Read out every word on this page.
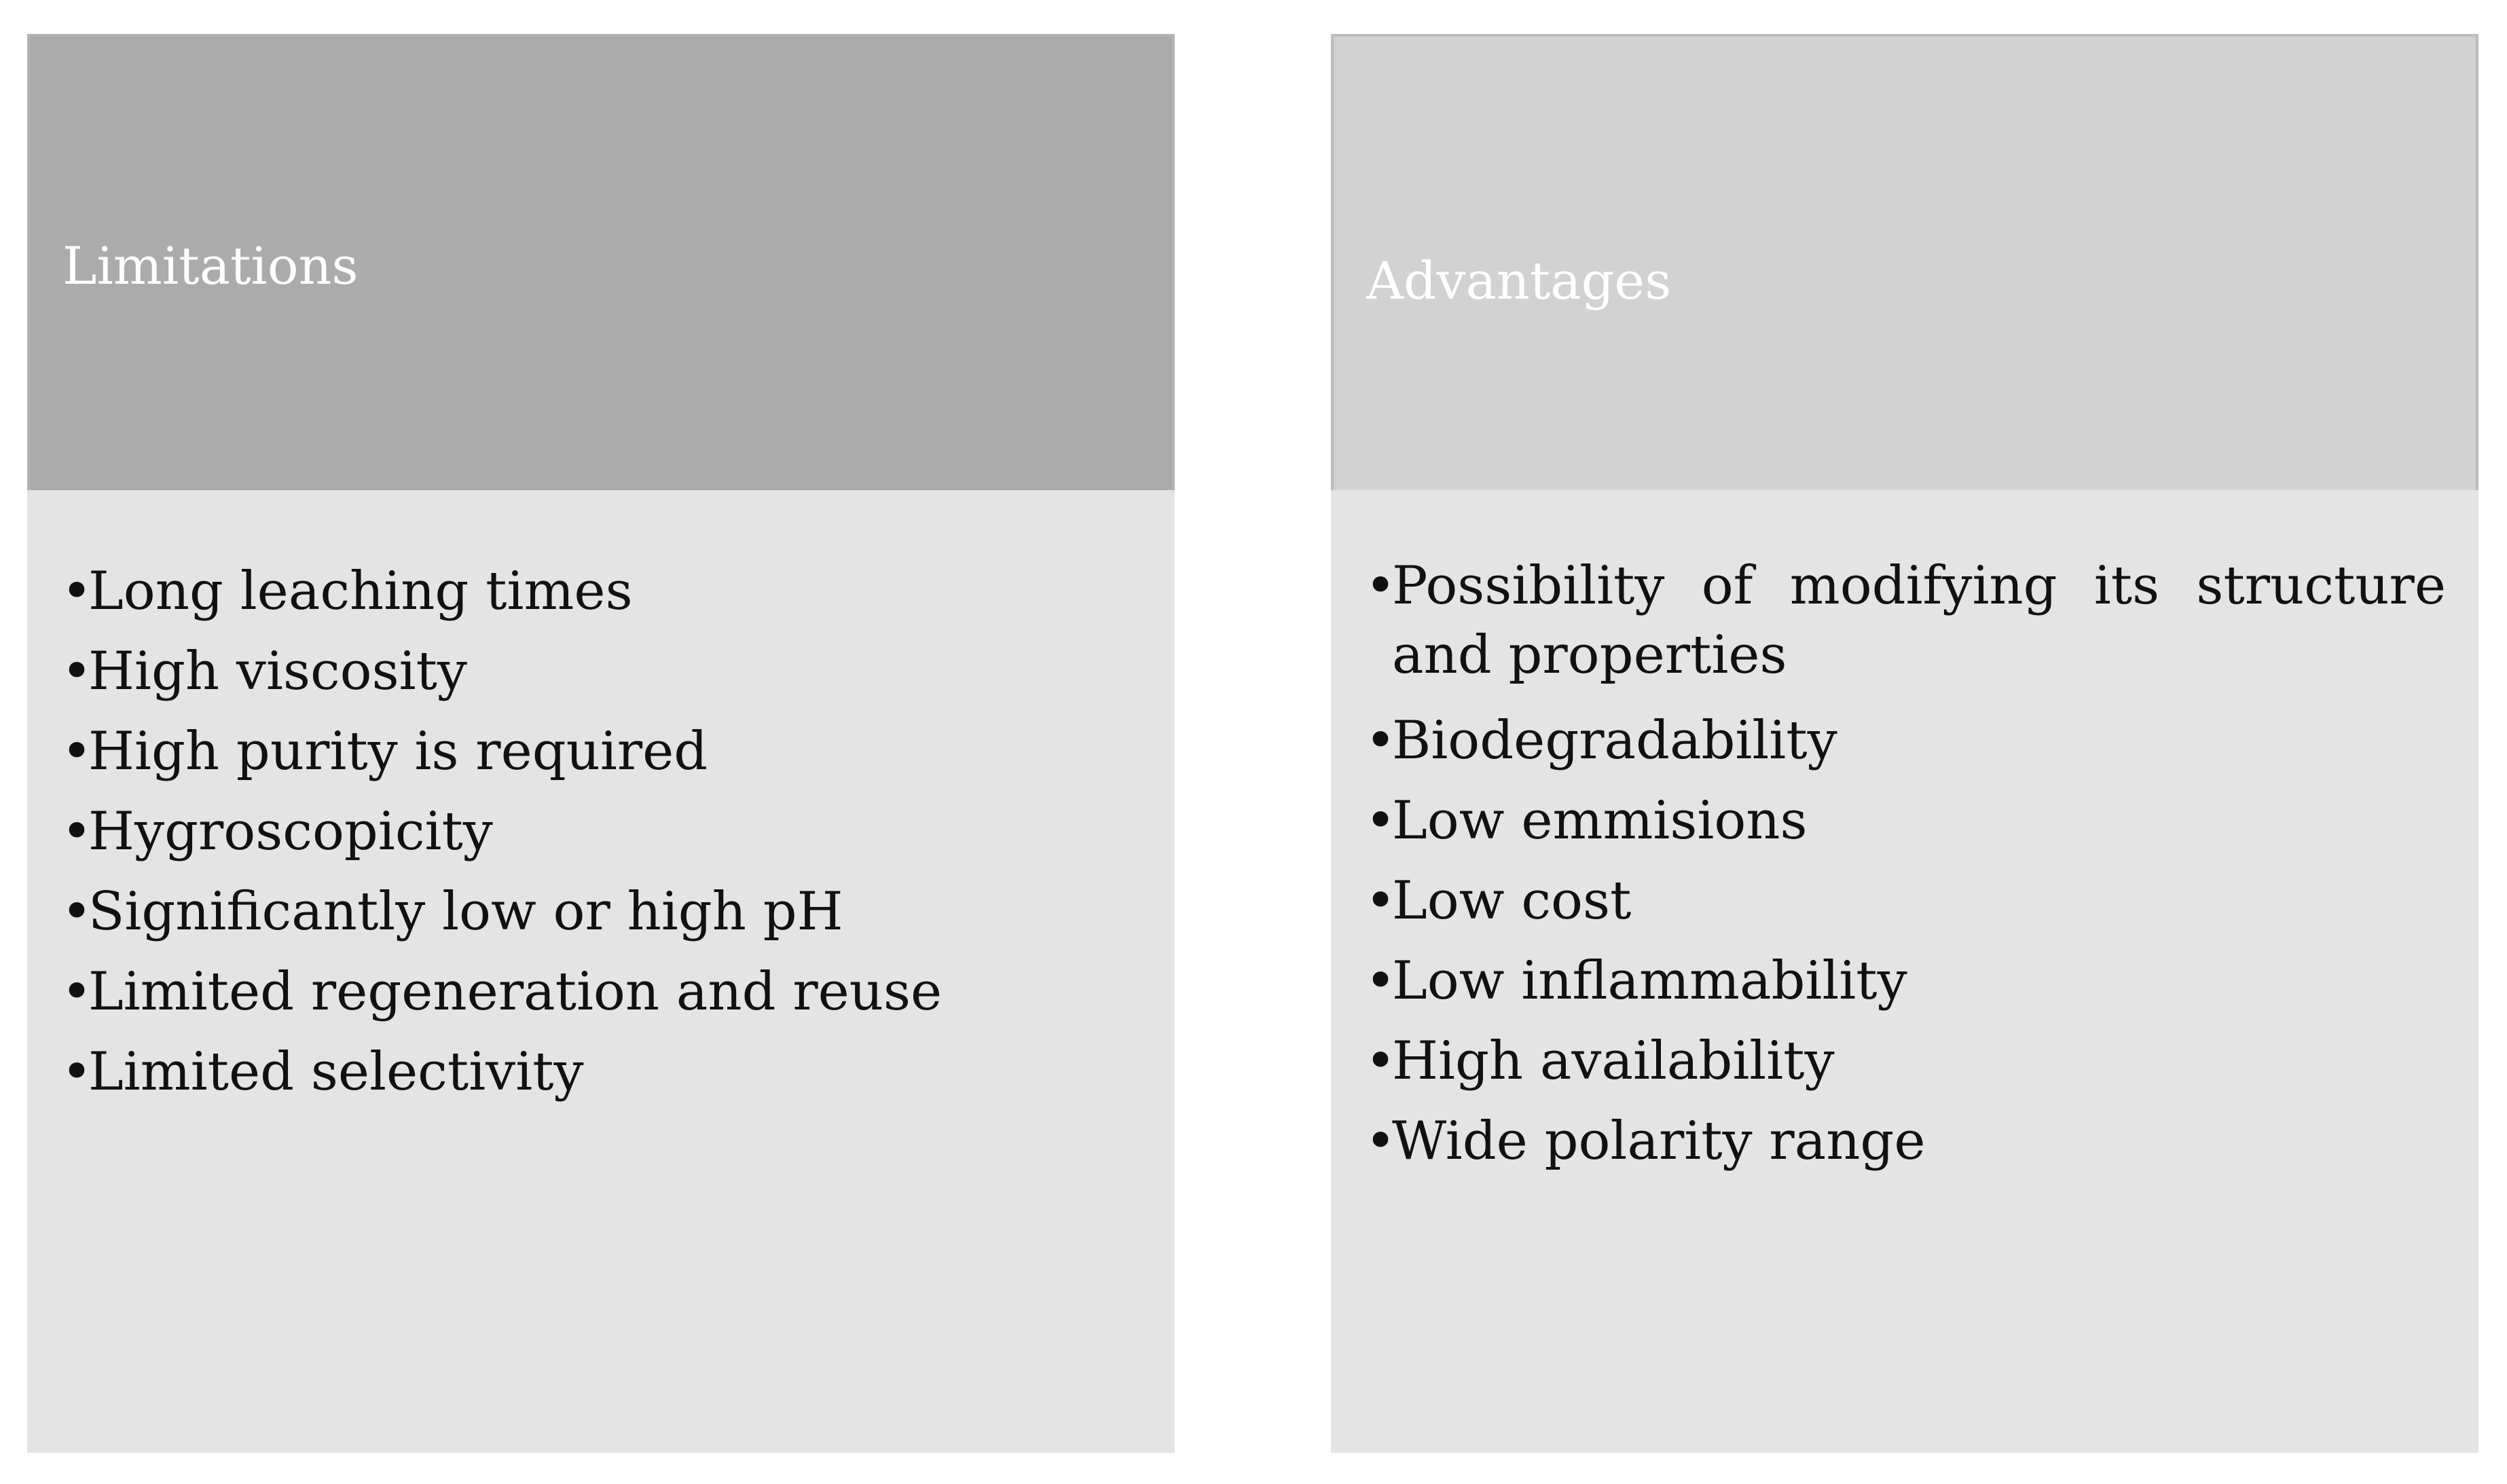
Limitations
•
Long leaching times
•
High viscosity
•
High purity is required
•
Hygroscopicity
•
Significantly low or high pH
•
Limited regeneration and reuse
•
Limited selectivity
Advantages
•
Possibility of modifying its structure and properties
•
Biodegradability
•
Low emmisions
•
Low cost
•
Low inflammability
•
High availability
•
Wide polarity range
